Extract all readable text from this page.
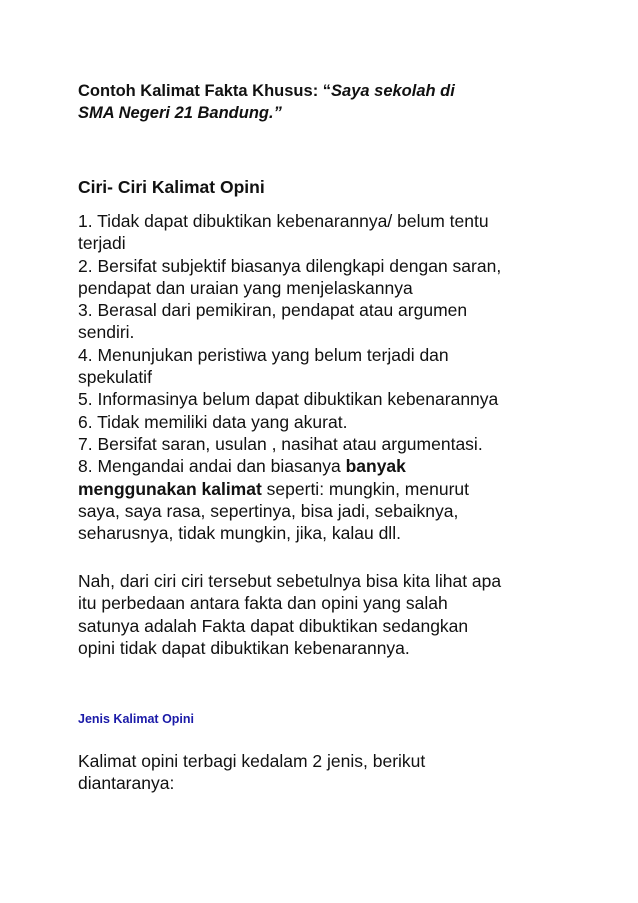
Contoh Kalimat Fakta Khusus: “Saya sekolah di
SMA Negeri 21 Bandung.”
Ciri- Ciri Kalimat Opini
1. Tidak dapat dibuktikan kebenarannya/ belum tentu
terjadi
2. Bersifat subjektif biasanya dilengkapi dengan saran,
pendapat dan uraian yang menjelaskannya
3. Berasal dari pemikiran, pendapat atau argumen
sendiri.
4. Menunjukan peristiwa yang belum terjadi dan
spekulatif
5. Informasinya belum dapat dibuktikan kebenarannya
6. Tidak memiliki data yang akurat.
7. Bersifat saran, usulan , nasihat atau argumentasi.
8. Mengandai andai dan biasanya banyak
menggunakan kalimat seperti: mungkin, menurut
saya, saya rasa, sepertinya, bisa jadi, sebaiknya,
seharusnya, tidak mungkin, jika, kalau dll.
Nah, dari ciri ciri tersebut sebetulnya bisa kita lihat apa
itu perbedaan antara fakta dan opini yang salah
satunya adalah Fakta dapat dibuktikan sedangkan
opini tidak dapat dibuktikan kebenarannya.
Jenis Kalimat Opini
Kalimat opini terbagi kedalam 2 jenis, berikut
diantaranya:
